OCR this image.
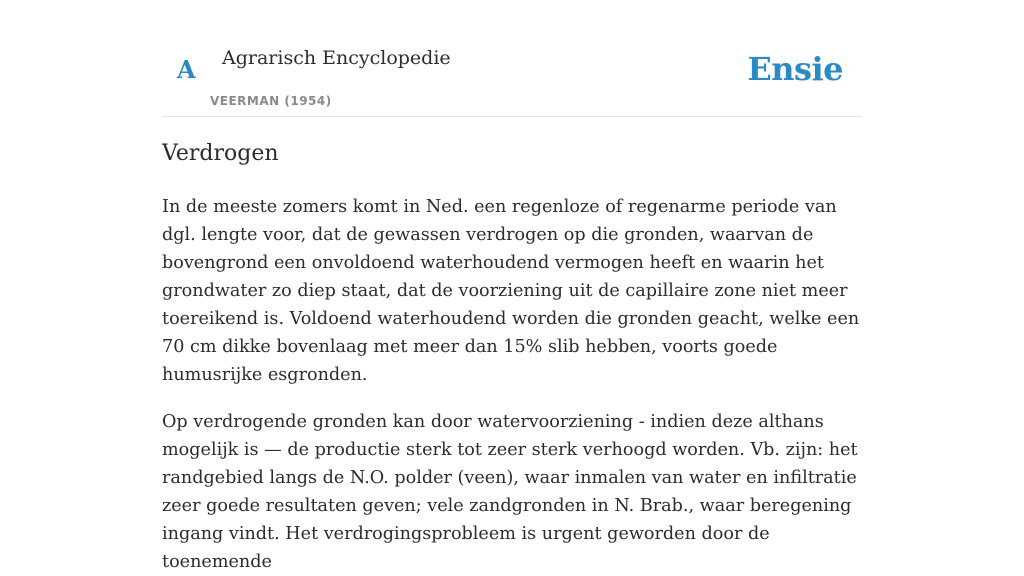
A Agrarisch Encyclopedie
VEERMAN (1954)
Ensie
Verdrogen

In de meeste zomers komt in Ned. een regenloze of regenarme periode van dgl. lengte voor, dat de gewassen verdrogen op die gronden, waarvan de bovengrond een onvoldoend waterhoudend vermogen heeft en waarin het grondwater zo diep staat, dat de voorziening uit de capillaire zone niet meer toereikend is. Voldoend waterhoudend worden die gronden geacht, welke een 70 cm dikke bovenlaag met meer dan 15% slib hebben, voorts goede humusrijke esgronden.

Op verdrogende gronden kan door watervoorziening - indien deze althans mogelijk is — de productie sterk tot zeer sterk verhoogd worden. Vb. zijn: het randgebied langs de N.O. polder (veen), waar inmalen van water en infiltratie zeer goede resultaten geven; vele zandgronden in N. Brab., waar beregening ingang vindt. Het verdrogingsprobleem is urgent geworden door de toenemende
